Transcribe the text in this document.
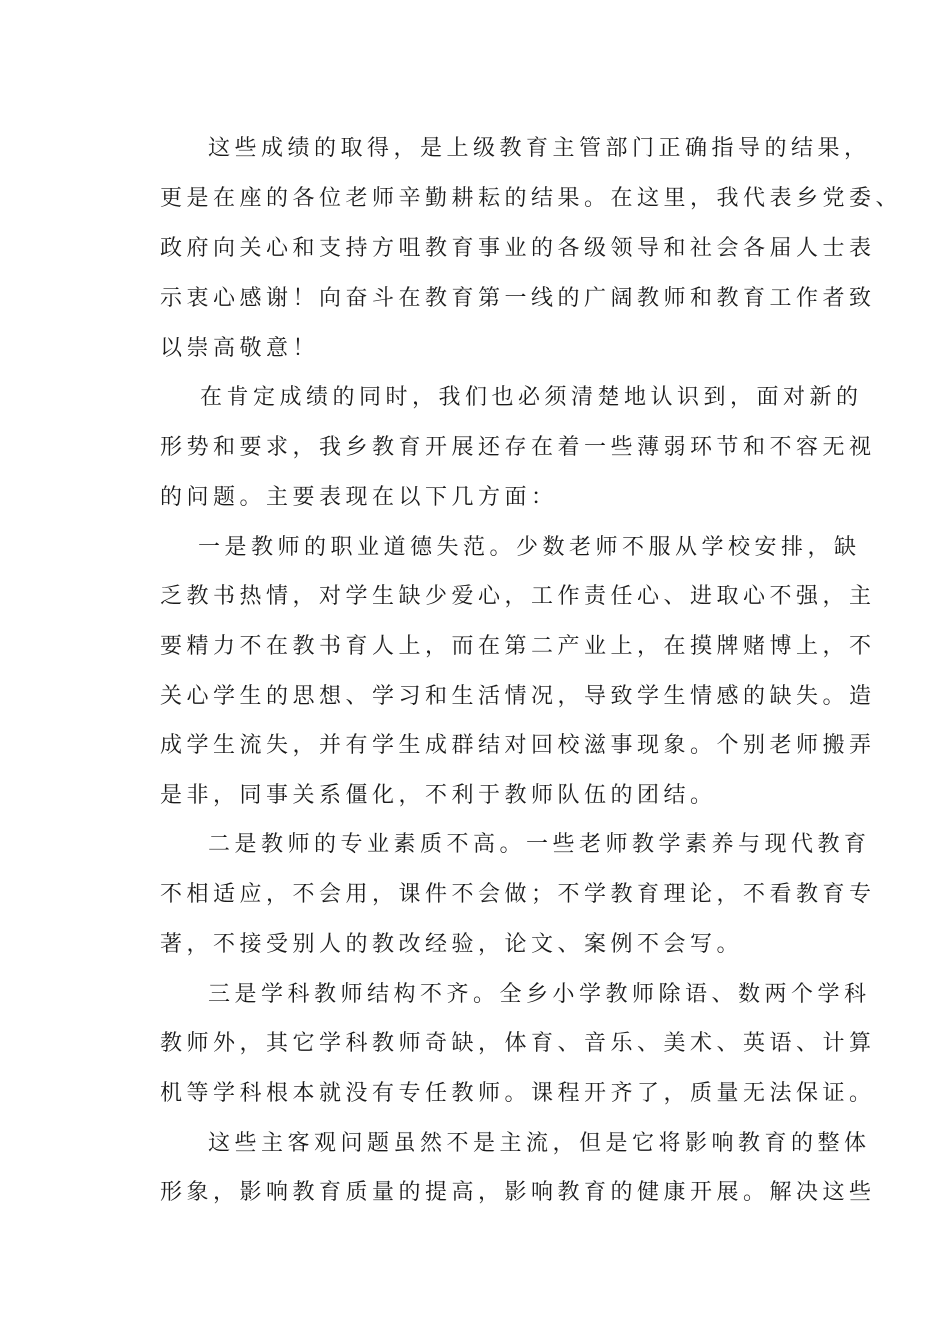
这些成绩的取得，是上级教育主管部门正确指导的结果，

更是在座的各位老师辛勤耕耘的结果。在这里，我代表乡党委、

政府向关心和支持方咀教育事业的各级领导和社会各届人士表

示衷心感谢！向奋斗在教育第一线的广阔教师和教育工作者致

以崇高敬意！

在肯定成绩的同时，我们也必须清楚地认识到，面对新的

形势和要求，我乡教育开展还存在着一些薄弱环节和不容无视

的问题。主要表现在以下几方面：

一是教师的职业道德失范。少数老师不服从学校安排，缺

乏教书热情，对学生缺少爱心，工作责任心、进取心不强，主

要精力不在教书育人上，而在第二产业上，在摸牌赌博上，不

关心学生的思想、学习和生活情况，导致学生情感的缺失。造

成学生流失，并有学生成群结对回校滋事现象。个别老师搬弄

是非，同事关系僵化，不利于教师队伍的团结。

二是教师的专业素质不高。一些老师教学素养与现代教育

不相适应，不会用，课件不会做；不学教育理论，不看教育专

著，不接受别人的教改经验，论文、案例不会写。

三是学科教师结构不齐。全乡小学教师除语、数两个学科

教师外，其它学科教师奇缺，体育、音乐、美术、英语、计算

机等学科根本就没有专任教师。课程开齐了，质量无法保证。

这些主客观问题虽然不是主流，但是它将影响教育的整体

形象，影响教育质量的提高，影响教育的健康开展。解决这些
